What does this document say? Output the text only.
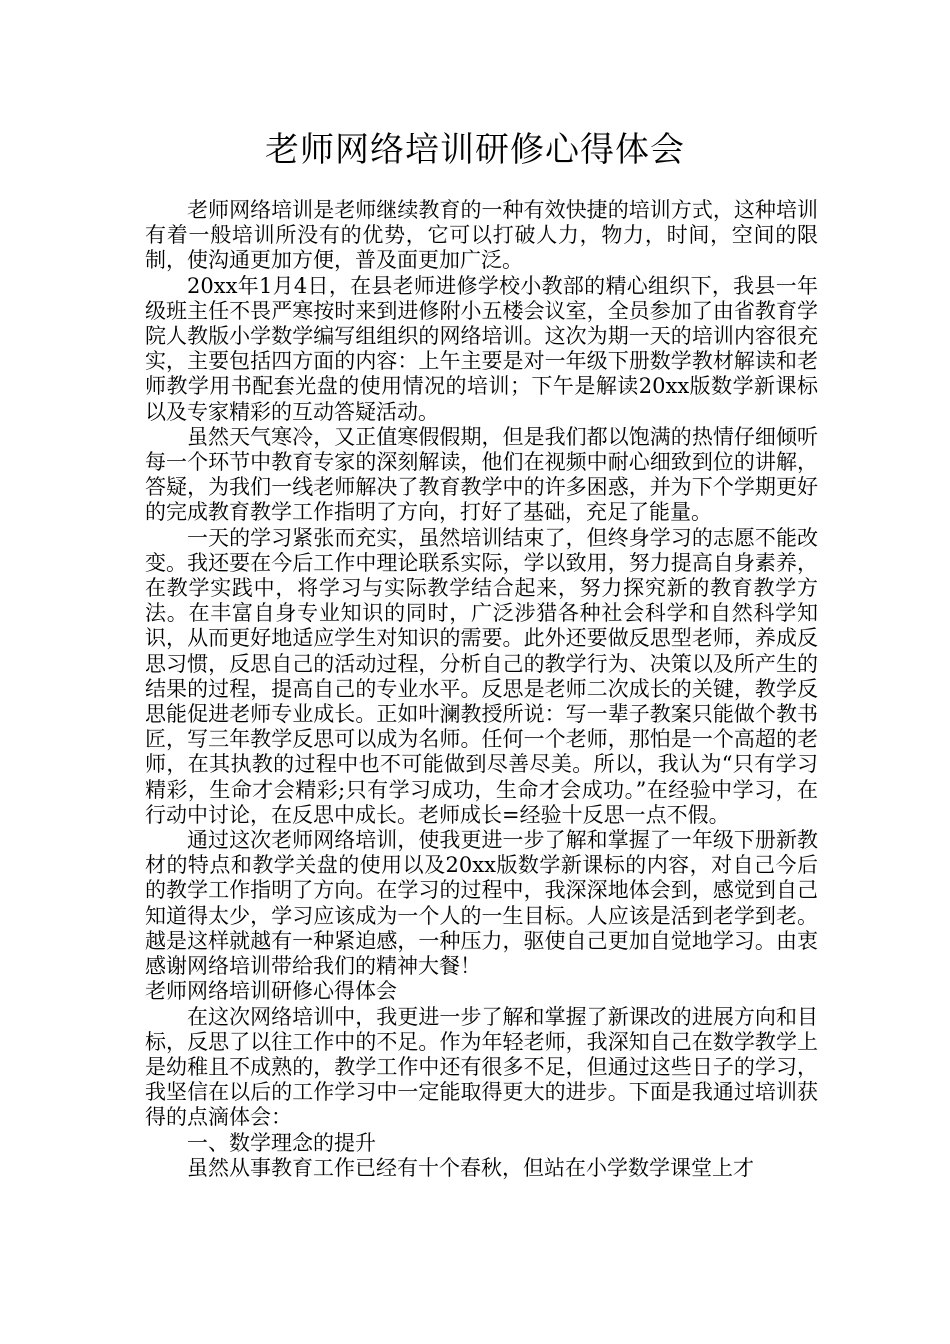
老师网络培训研修心得体会

老师网络培训是老师继续教育的一种有效快捷的培训方式，这种培训有着一般培训所没有的优势，它可以打破人力，物力，时间，空间的限制，使沟通更加方便，普及面更加广泛。

20xx年1月4日，在县老师进修学校小教部的精心组织下，我县一年级班主任不畏严寒按时来到进修附小五楼会议室，全员参加了由省教育学院人教版小学数学编写组组织的网络培训。这次为期一天的培训内容很充实，主要包括四方面的内容：上午主要是对一年级下册数学教材解读和老师教学用书配套光盘的使用情况的培训；下午是解读20xx版数学新课标以及专家精彩的互动答疑活动。

虽然天气寒冷，又正值寒假假期，但是我们都以饱满的热情仔细倾听每一个环节中教育专家的深刻解读，他们在视频中耐心细致到位的讲解，答疑，为我们一线老师解决了教育教学中的许多困惑，并为下个学期更好的完成教育教学工作指明了方向，打好了基础，充足了能量。

一天的学习紧张而充实，虽然培训结束了，但终身学习的志愿不能改变。我还要在今后工作中理论联系实际，学以致用，努力提高自身素养，在教学实践中，将学习与实际教学结合起来，努力探究新的教育教学方法。在丰富自身专业知识的同时，广泛涉猎各种社会科学和自然科学知识，从而更好地适应学生对知识的需要。此外还要做反思型老师，养成反思习惯，反思自己的活动过程，分析自己的教学行为、决策以及所产生的结果的过程，提高自己的专业水平。反思是老师二次成长的关键，教学反思能促进老师专业成长。正如叶澜教授所说：写一辈子教案只能做个教书匠，写三年教学反思可以成为名师。任何一个老师，那怕是一个高超的老师，在其执教的过程中也不可能做到尽善尽美。所以，我认为“只有学习精彩，生命才会精彩;只有学习成功，生命才会成功。”在经验中学习，在行动中讨论，在反思中成长。老师成长=经验十反思一点不假。

通过这次老师网络培训，使我更进一步了解和掌握了一年级下册新教材的特点和教学关盘的使用以及20xx版数学新课标的内容，对自己今后的教学工作指明了方向。在学习的过程中，我深深地体会到，感觉到自己知道得太少，学习应该成为一个人的一生目标。人应该是活到老学到老。越是这样就越有一种紧迫感，一种压力，驱使自己更加自觉地学习。由衷感谢网络培训带给我们的精神大餐！

老师网络培训研修心得体会

在这次网络培训中，我更进一步了解和掌握了新课改的进展方向和目标，反思了以往工作中的不足。作为年轻老师，我深知自己在数学教学上是幼稚且不成熟的，教学工作中还有很多不足，但通过这些日子的学习，我坚信在以后的工作学习中一定能取得更大的进步。下面是我通过培训获得的点滴体会：

一、数学理念的提升

虽然从事教育工作已经有十个春秋，但站在小学数学课堂上才
